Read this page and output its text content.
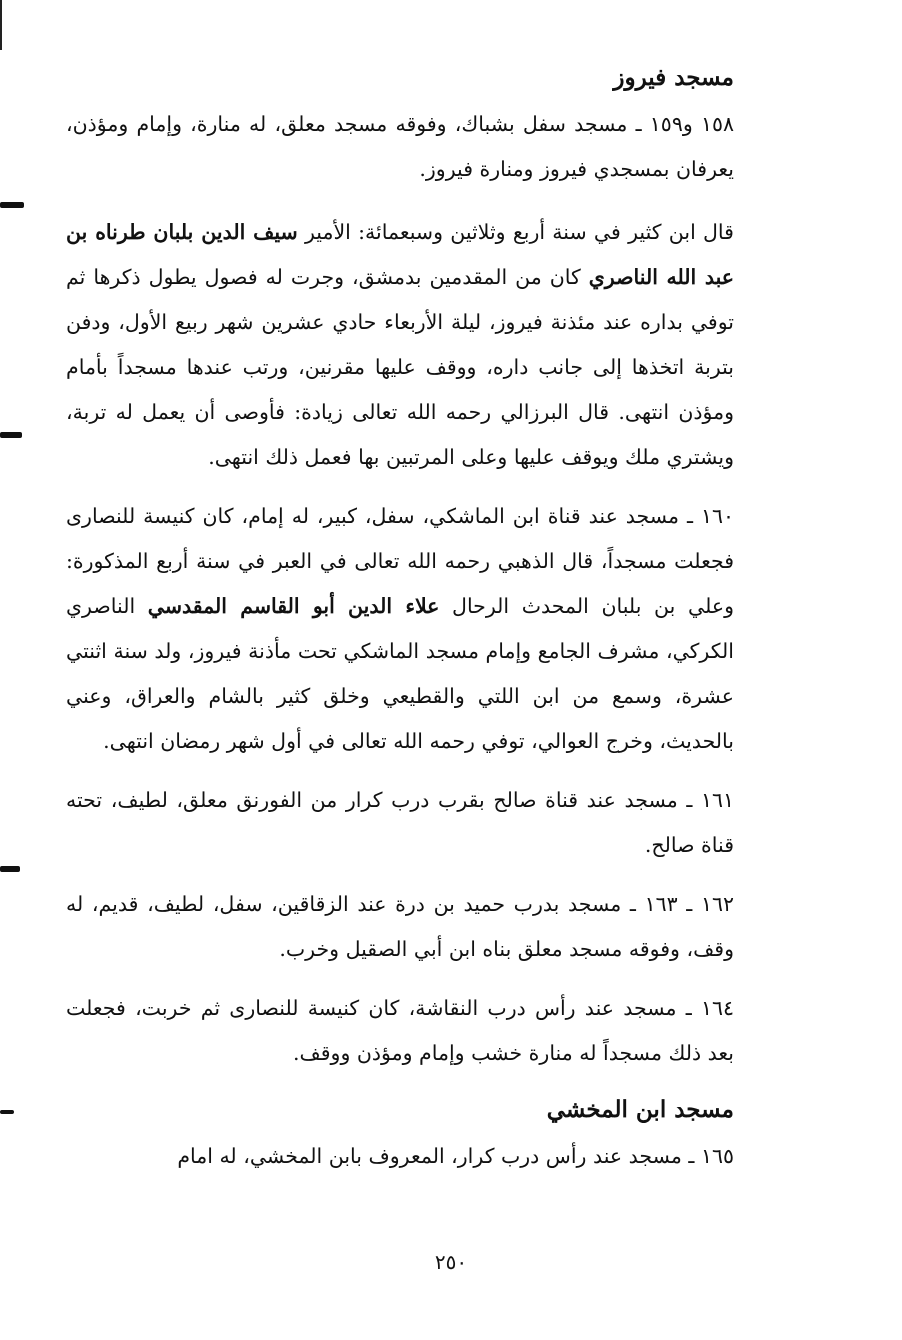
مسجد فيروز

١٥٨ و١٥٩ ـ مسجد سفل بشباك، وفوقه مسجد معلق، له منارة، وإمام ومؤذن، يعرفان بمسجدي فيروز ومنارة فيروز.

قال ابن كثير في سنة أربع وثلاثين وسبعمائة: الأمير سيف الدين بلبان طرناه بن عبد الله الناصري كان من المقدمين بدمشق، وجرت له فصول يطول ذكرها ثم توفي بداره عند مئذنة فيروز، ليلة الأربعاء حادي عشرين شهر ربيع الأول، ودفن بتربة اتخذها إلى جانب داره، ووقف عليها مقرنين، ورتب عندها مسجداً بأمام ومؤذن انتهى. قال البرزالي رحمه الله تعالى زيادة: فأوصى أن يعمل له تربة، ويشتري ملك ويوقف عليها وعلى المرتبين بها فعمل ذلك انتهى.

١٦٠ ـ مسجد عند قناة ابن الماشكي، سفل، كبير، له إمام، كان كنيسة للنصارى فجعلت مسجداً، قال الذهبي رحمه الله تعالى في العبر في سنة أربع المذكورة: وعلي بن بلبان المحدث الرحال علاء الدين أبو القاسم المقدسي الناصري الكركي، مشرف الجامع وإمام مسجد الماشكي تحت مأذنة فيروز، ولد سنة اثنتي عشرة، وسمع من ابن اللتي والقطيعي وخلق كثير بالشام والعراق، وعني بالحديث، وخرج العوالي، توفي رحمه الله تعالى في أول شهر رمضان انتهى.

١٦١ ـ مسجد عند قناة صالح بقرب درب كرار من الفورنق معلق، لطيف، تحته قناة صالح.

١٦٢ ـ ١٦٣ ـ مسجد بدرب حميد بن درة عند الزقاقين، سفل، لطيف، قديم، له وقف، وفوقه مسجد معلق بناه ابن أبي الصقيل وخرب.

١٦٤ ـ مسجد عند رأس درب النقاشة، كان كنيسة للنصارى ثم خربت، فجعلت بعد ذلك مسجداً له منارة خشب وإمام ومؤذن ووقف.

مسجد ابن المخشي

١٦٥ ـ مسجد عند رأس درب كرار، المعروف بابن المخشي، له امام

٢٥٠
